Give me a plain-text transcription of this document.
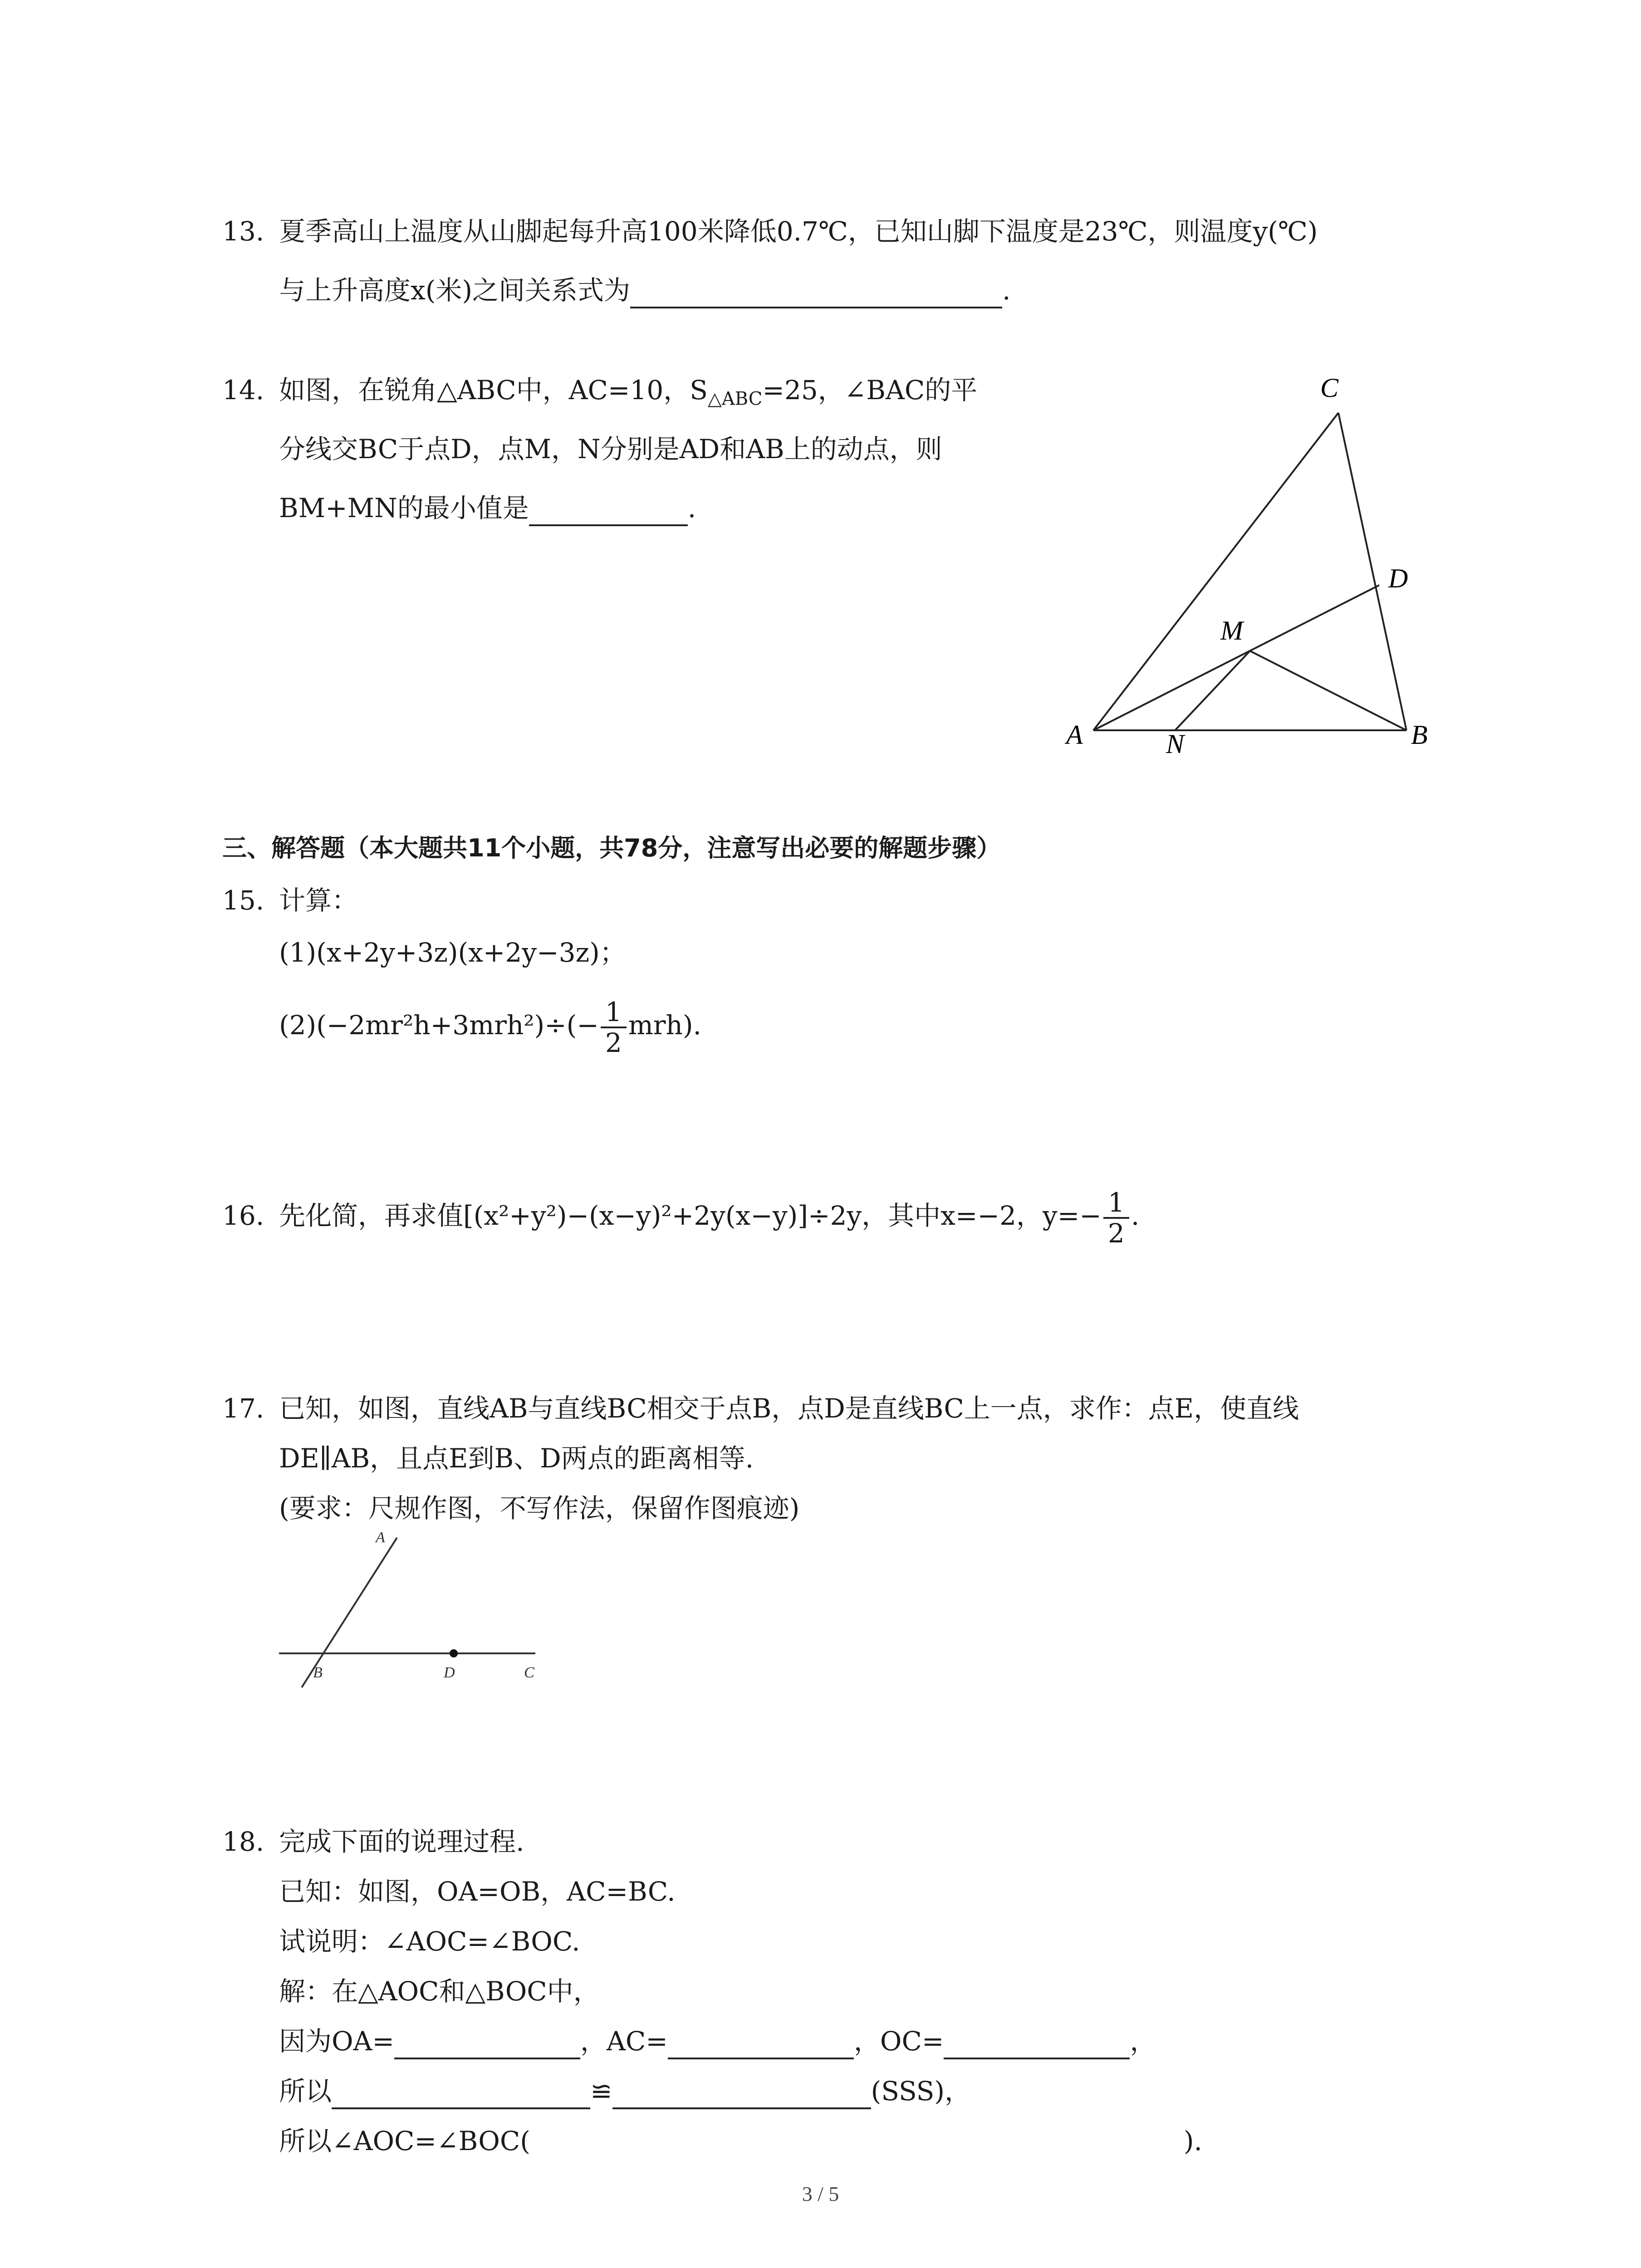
13. 夏季高山上温度从山脚起每升高100米降低0.7℃，已知山脚下温度是23℃，则温度y(℃)
与上升高度x(米)之间关系式为	.
14. 如图，在锐角△ABC中，AC=10，$S_{\triangle ABC}=25$，∠BAC的平
分线交BC于点D，点M，N分别是AD和AB上的动点，则
BM+MN的最小值是	.
C
D
M
A	N	B
三、解答题（本大题共11个小题，共78分，注意写出必要的解题步骤）
15. 计算：
(1)(x+2y+3z)(x+2y−3z)；
$(2)(-2mr^2h+3mrh^2)\div(- \frac{1}{2} mrh)$.
16. 先化简，再求值[(x²+y²)−(x−y)²+2y(x−y)]÷2y，其中x=−2，$y=- \frac{1}{2}$ .
17. 已知，如图，直线AB与直线BC相交于点B，点D是直线BC上一点，求作：点E，使直线
DE∥AB，且点E到B、D两点的距离相等.
(要求：尺规作图，不写作法，保留作图痕迹)
A
B	D	C
18. 完成下面的说理过程.
已知：如图，OA=OB，AC=BC.
试说明：∠AOC=∠BOC.
解：在△AOC和△BOC中，
因为OA=	，AC=	，OC=	，
所以	≌	(SSS)，
所以∠AOC=∠BOC(	).
3 / 5
